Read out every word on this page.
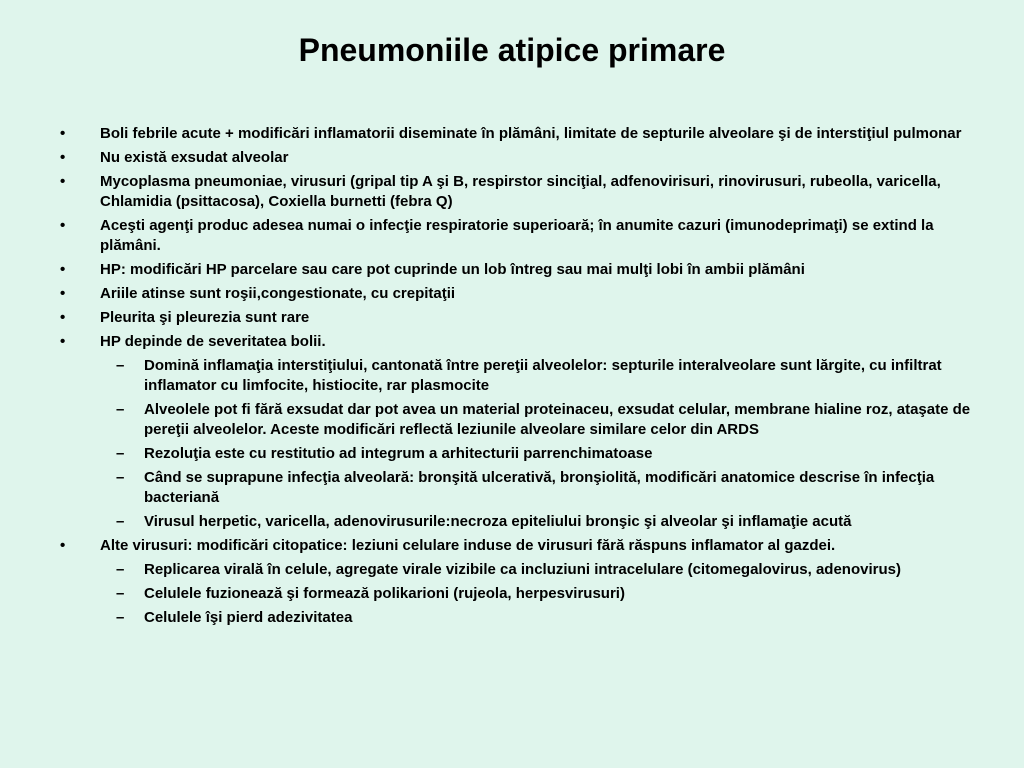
Pneumoniile atipice primare
• Boli febrile acute + modificări inflamatorii diseminate în plămâni, limitate de septurile alveolare şi de interstiţiul pulmonar
• Nu există exsudat alveolar
• Mycoplasma pneumoniae, virusuri (gripal tip A şi B, respirstor sinciţial, adfenovirisuri, rinovirusuri, rubeolla, varicella, Chlamidia (psittacosa), Coxiella burnetti (febra Q)
• Aceşti agenţi produc adesea numai o infecţie respiratorie superioară; în anumite cazuri (imunodeprimaţi) se extind la plămâni.
• HP: modificări HP parcelare sau care pot cuprinde un lob întreg sau mai mulţi lobi în ambii plămâni
• Ariile atinse sunt roşii,congestionate, cu crepitaţii
• Pleurita şi pleurezia sunt rare
• HP depinde de severitatea bolii.
– Domină inflamaţia interstiţiului, cantonată între pereţii alveolelor: septurile interalveolare sunt lărgite, cu infiltrat inflamator cu limfocite, histiocite, rar plasmocite
– Alveolele pot fi fără exsudat dar pot avea un material proteinaceu, exsudat celular, membrane hialine roz, ataşate de pereţii alveolelor. Aceste modificări reflectă leziunile alveolare similare celor din ARDS
– Rezoluţia este cu restitutio ad integrum a arhitecturii parrenchimatoase
– Când se suprapune infecţia alveolară: bronşită ulcerativă, bronşiolită, modificări anatomice descrise în infecţia bacteriană
– Virusul herpetic, varicella, adenovirusurile:necroza epiteliului bronşic şi alveolar şi inflamaţie acută
• Alte virusuri: modificări citopatice: leziuni celulare induse de virusuri fără răspuns inflamator al gazdei.
– Replicarea virală în celule, agregate virale vizibile ca incluziuni intracelulare (citomegalovirus, adenovirus)
– Celulele fuzionează şi formează polikarioni (rujeola, herpesvirusuri)
– Celulele îşi pierd adezivitatea
